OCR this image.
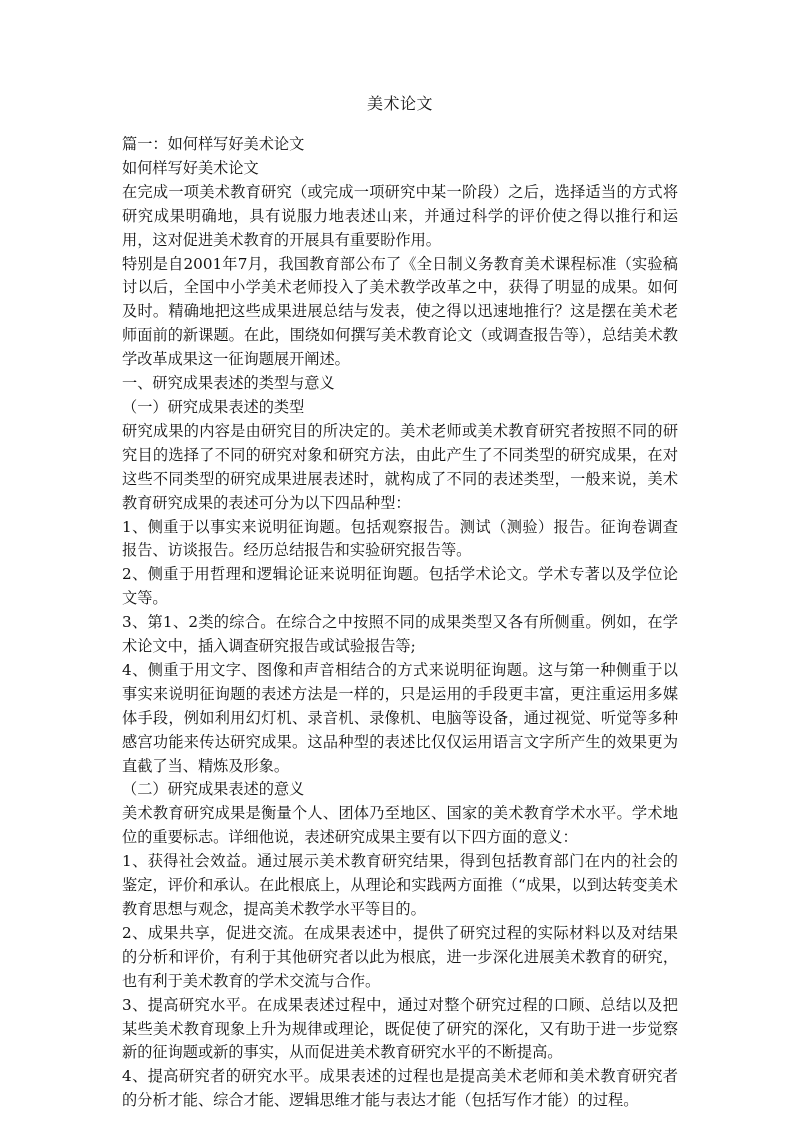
美术论文

篇一：如何样写好美术论文

如何样写好美术论文

在完成一项美术教育研究（或完成一项研究中某一阶段）之后，选择适当的方式将研究成果明确地，具有说服力地表述山来，并通过科学的评价使之得以推行和运用，这对促进美术教育的开展具有重要盼作用。

特别是自2001年7月，我国教育部公布了《全日制义务教育美术课程标准（实验稿讨以后，全国中小学美术老师投入了美术教学改革之中，获得了明显的成果。如何及时。精确地把这些成果进展总结与发表，使之得以迅速地推行？这是摆在美术老师面前的新课题。在此，围绕如何撰写美术教育论文（或调查报告等），总结美术教学改革成果这一征询题展开阐述。

一、研究成果表述的类型与意义

（一）研究成果表述的类型

研究成果的内容是由研究目的所决定的。美术老师或美术教育研究者按照不同的研究目的选择了不同的研究对象和研究方法，由此产生了不同类型的研究成果，在对这些不同类型的研究成果进展表述时，就构成了不同的表述类型，一般来说，美术教育研究成果的表述可分为以下四品种型：

1、侧重于以事实来说明征询题。包括观察报告。测试（测验）报告。征询卷调查报告、访谈报告。经历总结报告和实验研究报告等。

2、侧重于用哲理和逻辑论证来说明征询题。包括学术论文。学术专著以及学位论文等。

3、第1、2类的综合。在综合之中按照不同的成果类型又各有所侧重。例如，在学术论文中，插入调查研究报告或试验报告等;

4、侧重于用文字、图像和声音相结合的方式来说明征询题。这与第一种侧重于以事实来说明征询题的表述方法是一样的，只是运用的手段更丰富，更注重运用多媒体手段，例如利用幻灯机、录音机、录像机、电脑等设备，通过视觉、听觉等多种感宫功能来传达研究成果。这品种型的表述比仅仅运用语言文字所产生的效果更为直截了当、精炼及形象。

（二）研究成果表述的意义

美术教育研究成果是衡量个人、团体乃至地区、国家的美术教育学术水平。学术地位的重要标志。详细他说，表述研究成果主要有以下四方面的意义：

1、获得社会效益。通过展示美术教育研究结果，得到包括教育部门在内的社会的鉴定，评价和承认。在此根底上，从理论和实践两方面推（“成果，以到达转变美术教育思想与观念，提高美术教学水平等目的。

2、成果共享，促进交流。在成果表述中，提供了研究过程的实际材料以及对结果的分析和评价，有利于其他研究者以此为根底，进一步深化进展美术教育的研究，也有利于美术教育的学术交流与合作。

3、提高研究水平。在成果表述过程中，通过对整个研究过程的口顾、总结以及把某些美术教育现象上升为规律或理论，既促使了研究的深化，又有助于进一步觉察新的征询题或新的事实，从而促进美术教育研究水平的不断提高。

4、提高研究者的研究水平。成果表述的过程也是提高美术老师和美术教育研究者的分析才能、综合才能、逻辑思维才能与表达才能（包括写作才能）的过程。
